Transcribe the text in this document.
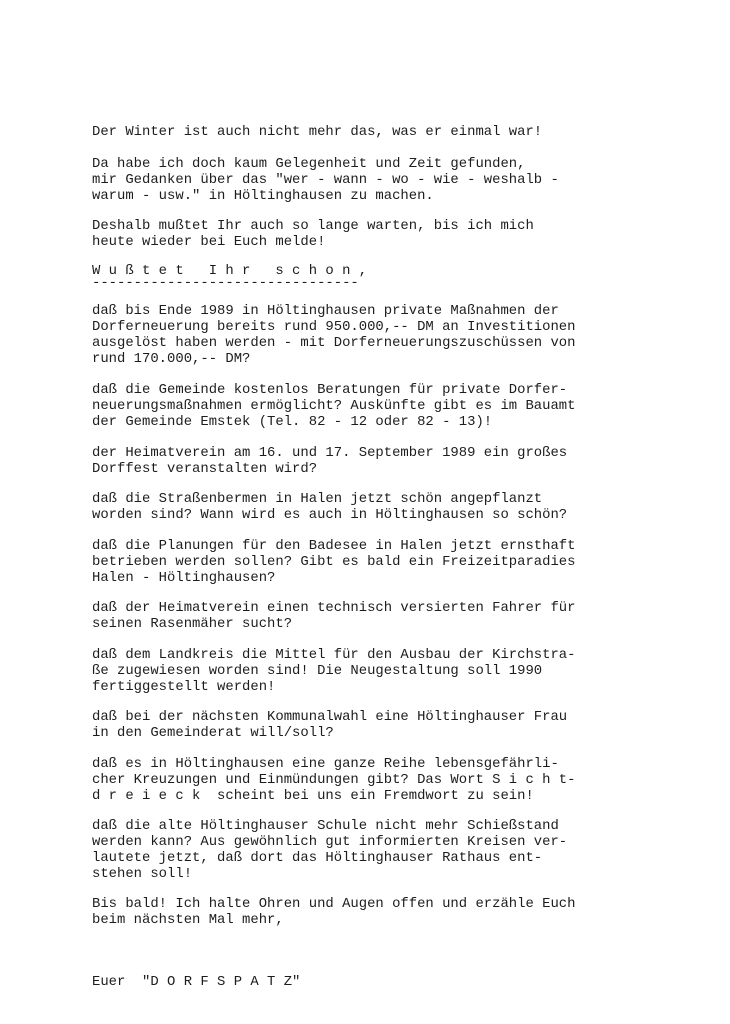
Der Winter ist auch nicht mehr das, was er einmal war!

Da habe ich doch kaum Gelegenheit und Zeit gefunden,

mir Gedanken über das "wer - wann - wo - wie - weshalb -

warum - usw." in Höltinghausen zu machen.

Deshalb mußtet Ihr auch so lange warten, bis ich mich

heute wieder bei Euch melde!

W u ß t e t   I h r   s c h o n ,

--------------------------------

daß bis Ende 1989 in Höltinghausen private Maßnahmen der

Dorferneuerung bereits rund 950.000,-- DM an Investitionen

ausgelöst haben werden - mit Dorferneuerungszuschüssen von

rund 170.000,-- DM?

daß die Gemeinde kostenlos Beratungen für private Dorfer-

neuerungsmaßnahmen ermöglicht? Auskünfte gibt es im Bauamt

der Gemeinde Emstek (Tel. 82 - 12 oder 82 - 13)!

der Heimatverein am 16. und 17. September 1989 ein großes

Dorffest veranstalten wird?

daß die Straßenbermen in Halen jetzt schön angepflanzt

worden sind? Wann wird es auch in Höltinghausen so schön?

daß die Planungen für den Badesee in Halen jetzt ernsthaft

betrieben werden sollen? Gibt es bald ein Freizeitparadies

Halen - Höltinghausen?

daß der Heimatverein einen technisch versierten Fahrer für

seinen Rasenmäher sucht?

daß dem Landkreis die Mittel für den Ausbau der Kirchstra-

ße zugewiesen worden sind! Die Neugestaltung soll 1990

fertiggestellt werden!

daß bei der nächsten Kommunalwahl eine Höltinghauser Frau

in den Gemeinderat will/soll?

daß es in Höltinghausen eine ganze Reihe lebensgefährli-

cher Kreuzungen und Einmündungen gibt? Das Wort S i c h t-

d r e i e c k  scheint bei uns ein Fremdwort zu sein!

daß die alte Höltinghauser Schule nicht mehr Schießstand

werden kann? Aus gewöhnlich gut informierten Kreisen ver-

lautete jetzt, daß dort das Höltinghauser Rathaus ent-

stehen soll!

Bis bald! Ich halte Ohren und Augen offen und erzähle Euch

beim nächsten Mal mehr,

Euer  "D O R F S P A T Z"
